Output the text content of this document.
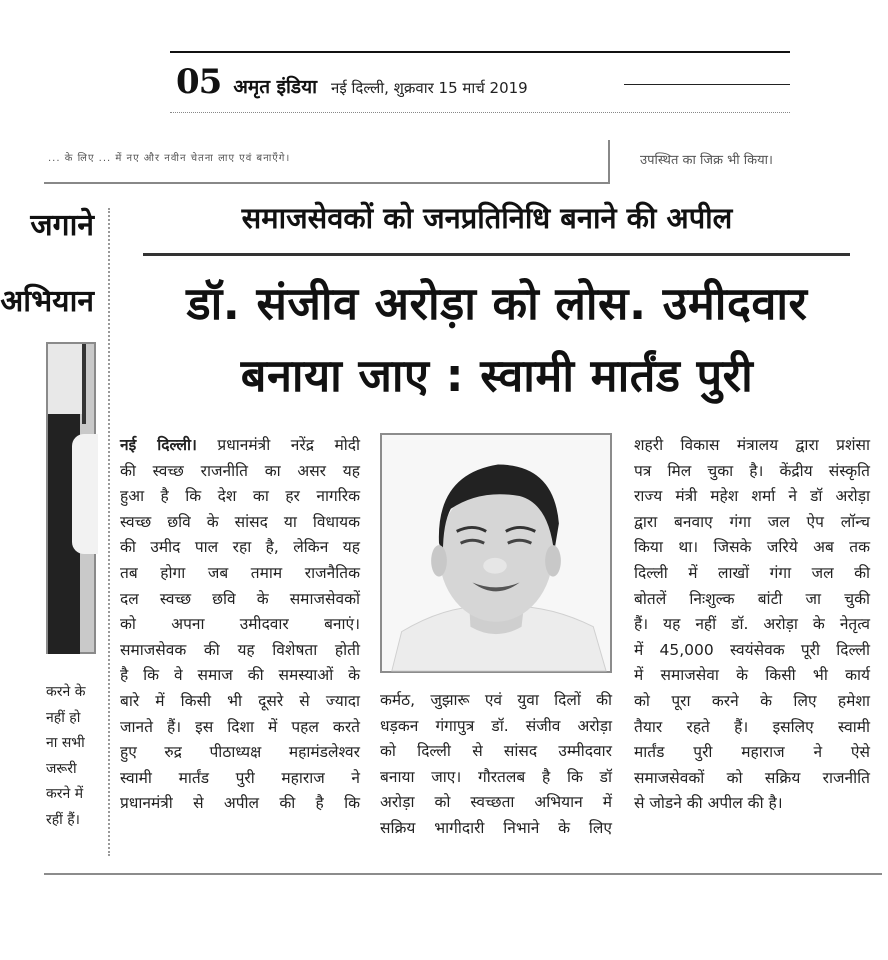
05 अमृत इंडिया नई दिल्ली, शुक्रवार 15 मार्च 2019
... के लिए ... में नए और नवीन चेतना लाए एवं बनाएँगे।	उपस्थित का जिक्र भी किया।
जगाने
अभियान
करने के
नहीं हो
ना सभी
जरूरी
करने में
रहीं हैं।
समाजसेवकों को जनप्रतिनिधि बनाने की अपील
डॉ. संजीव अरोड़ा को लोस. उमीदवार
बनाया जाए : स्वामी मार्तंड पुरी
नई दिल्ली। प्रधानमंत्री नरेंद्र मोदी
की स्वच्छ राजनीति का असर यह
हुआ है कि देश का हर नागरिक
स्वच्छ छवि के सांसद या विधायक
की उमीद पाल रहा है, लेकिन यह
तब होगा जब तमाम राजनैतिक
दल स्वच्छ छवि के समाजसेवकों
को अपना उमीदवार बनाएं।
समाजसेवक की यह विशेषता होती
है कि वे समाज की समस्याओं के
बारे में किसी भी दूसरे से ज्यादा
जानते हैं। इस दिशा में पहल करते
हुए रुद्र पीठाध्यक्ष महामंडलेश्वर
स्वामी मार्तंड पुरी महाराज ने
प्रधानमंत्री से अपील की है कि
कर्मठ, जुझारू एवं युवा दिलों की
धड़कन गंगापुत्र डॉ. संजीव अरोड़ा
को दिल्ली से सांसद उम्मीदवार
बनाया जाए। गौरतलब है कि डॉ
अरोड़ा को स्वच्छता अभियान में
सक्रिय भागीदारी निभाने के लिए
शहरी विकास मंत्रालय द्वारा प्रशंसा
पत्र मिल चुका है। केंद्रीय संस्कृति
राज्य मंत्री महेश शर्मा ने डॉ अरोड़ा
द्वारा बनवाए गंगा जल ऐप लॉन्च
किया था। जिसके जरिये अब तक
दिल्ली में लाखों गंगा जल की
बोतलें निःशुल्क बांटी जा चुकी
हैं। यह नहीं डॉ. अरोड़ा के नेतृत्व
में 45,000 स्वयंसेवक पूरी दिल्ली
में समाजसेवा के किसी भी कार्य
को पूरा करने के लिए हमेशा
तैयार रहते हैं। इसलिए स्वामी
मार्तंड पुरी महाराज ने ऐसे
समाजसेवकों को सक्रिय राजनीति
से जोडने की अपील की है।
